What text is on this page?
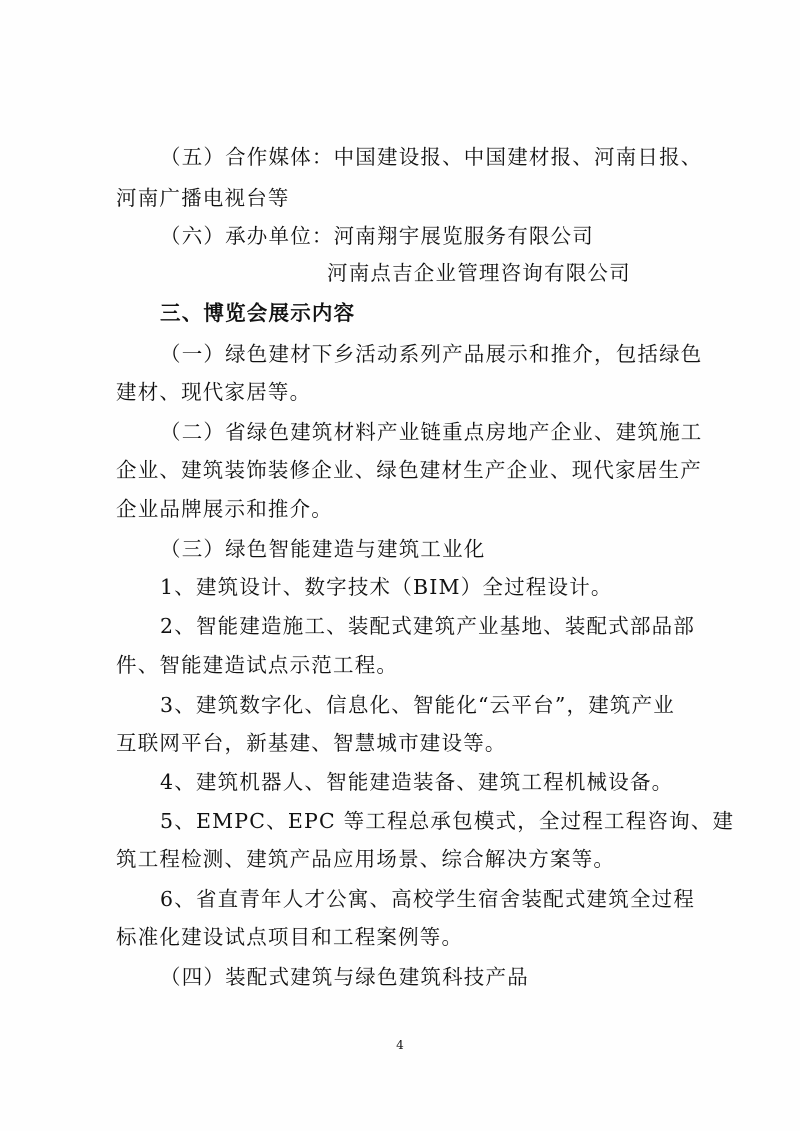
（五）合作媒体：中国建设报、中国建材报、河南日报、
河南广播电视台等
（六）承办单位：河南翔宇展览服务有限公司
河南点吉企业管理咨询有限公司
三、博览会展示内容
（一）绿色建材下乡活动系列产品展示和推介，包括绿色
建材、现代家居等。
（二）省绿色建筑材料产业链重点房地产企业、建筑施工
企业、建筑装饰装修企业、绿色建材生产企业、现代家居生产
企业品牌展示和推介。
（三）绿色智能建造与建筑工业化
1、建筑设计、数字技术（BIM）全过程设计。
2、智能建造施工、装配式建筑产业基地、装配式部品部
件、智能建造试点示范工程。
3、建筑数字化、信息化、智能化“云平台”，建筑产业
互联网平台，新基建、智慧城市建设等。
4、建筑机器人、智能建造装备、建筑工程机械设备。
5、EMPC、EPC 等工程总承包模式，全过程工程咨询、建
筑工程检测、建筑产品应用场景、综合解决方案等。
6、省直青年人才公寓、高校学生宿舍装配式建筑全过程
标准化建设试点项目和工程案例等。
（四）装配式建筑与绿色建筑科技产品
4
